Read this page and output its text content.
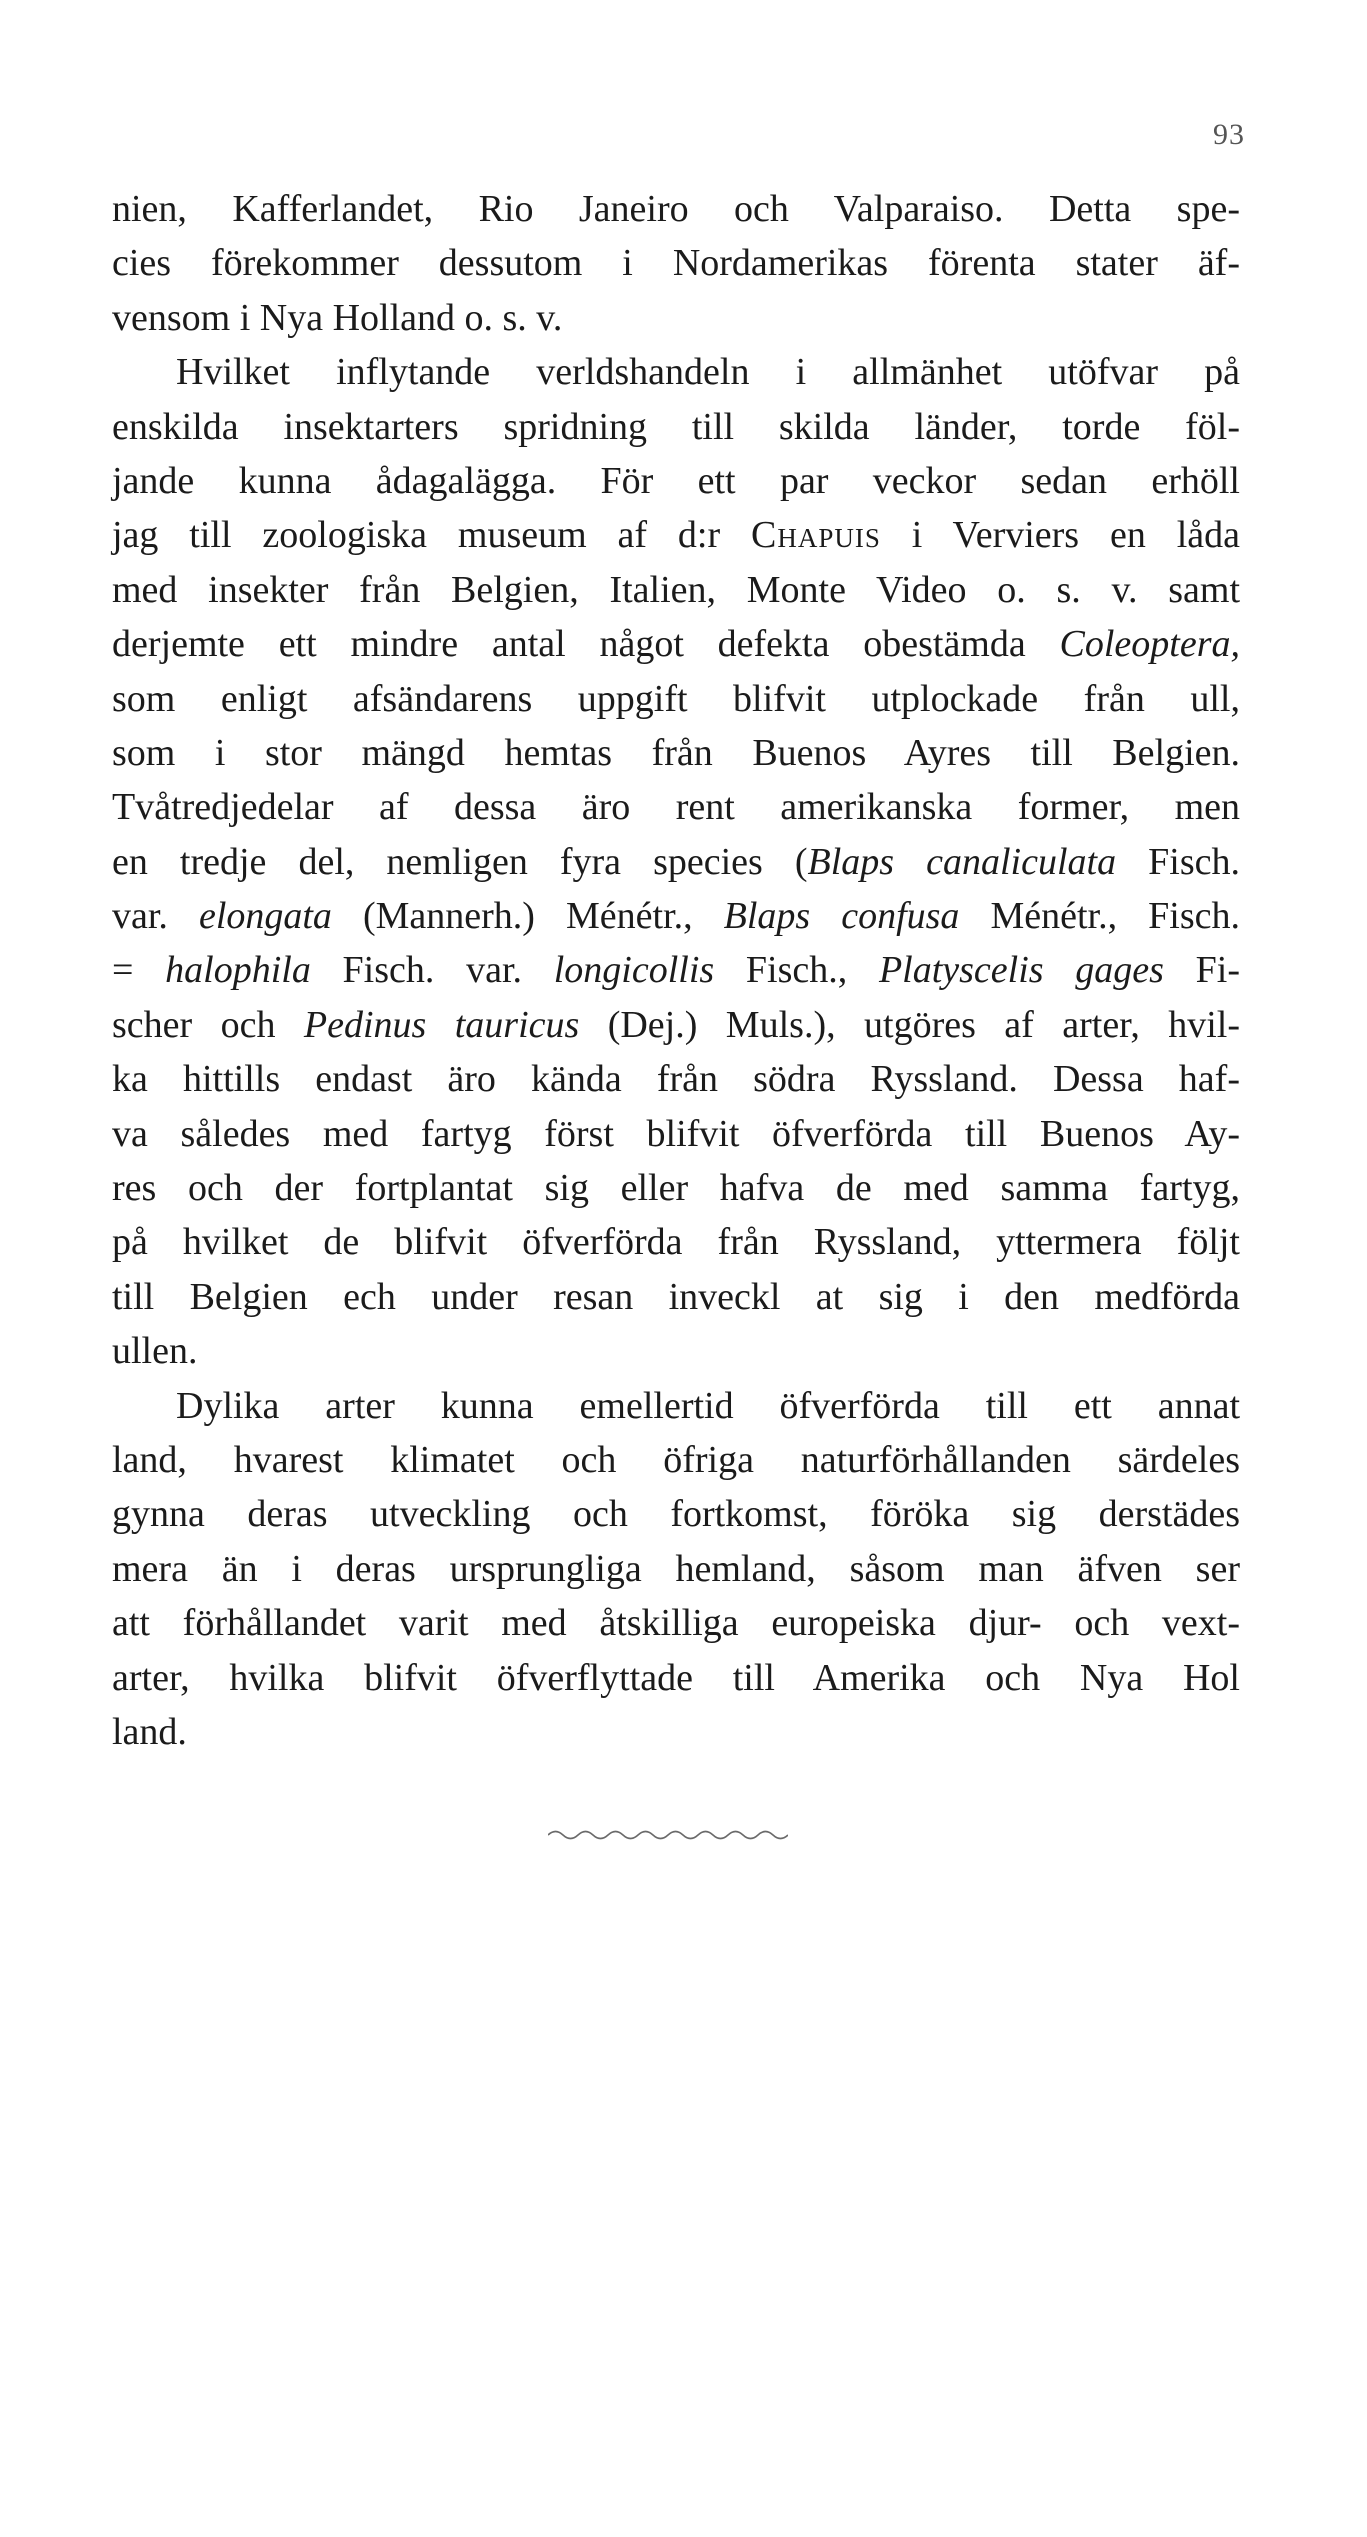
93
nien, Kafferlandet, Rio Janeiro och Valparaiso. Detta spe-
cies förekommer dessutom i Nordamerikas förenta stater äf-
vensom i Nya Holland o. s. v.
Hvilket inflytande verldshandeln i allmänhet utöfvar på
enskilda insektarters spridning till skilda länder, torde föl-
jande kunna ådagalägga. För ett par veckor sedan erhöll
jag till zoologiska museum af d:r Chapuis i Verviers en låda
med insekter från Belgien, Italien, Monte Video o. s. v. samt
derjemte ett mindre antal något defekta obestämda Coleoptera,
som enligt afsändarens uppgift blifvit utplockade från ull,
som i stor mängd hemtas från Buenos Ayres till Belgien.
Tvåtredjedelar af dessa äro rent amerikanska former, men
en tredje del, nemligen fyra species (Blaps canaliculata Fisch.
var. elongata (Mannerh.) Ménétr., Blaps confusa Ménétr., Fisch.
= halophila Fisch. var. longicollis Fisch., Platyscelis gages Fi-
scher och Pedinus tauricus (Dej.) Muls.), utgöres af arter, hvil-
ka hittills endast äro kända från södra Ryssland. Dessa haf-
va således med fartyg först blifvit öfverförda till Buenos Ay-
res och der fortplantat sig eller hafva de med samma fartyg,
på hvilket de blifvit öfverförda från Ryssland, yttermera följt
till Belgien ech under resan inveckl at sig i den medförda
ullen.
Dylika arter kunna emellertid öfverförda till ett annat
land, hvarest klimatet och öfriga naturförhållanden särdeles
gynna deras utveckling och fortkomst, föröka sig derstädes
mera än i deras ursprungliga hemland, såsom man äfven ser
att förhållandet varit med åtskilliga europeiska djur- och vext-
arter, hvilka blifvit öfverflyttade till Amerika och Nya Hol
land.
